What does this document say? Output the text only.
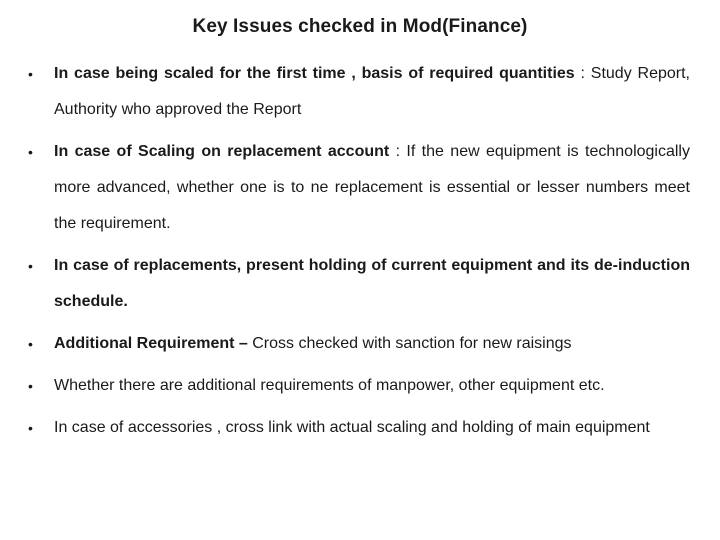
Key Issues checked in Mod(Finance)
• In case being scaled for the first time , basis of required quantities : Study Report, Authority who approved the Report
• In case of Scaling on replacement account : If the new equipment is technologically more advanced, whether one is to ne replacement is essential or lesser numbers meet the requirement.
• In case of replacements, present holding of current equipment and its de-induction schedule.
• Additional Requirement – Cross checked with sanction for new raisings
• Whether there are additional requirements of manpower, other equipment etc.
• In case of accessories , cross link with actual scaling and holding of main equipment
